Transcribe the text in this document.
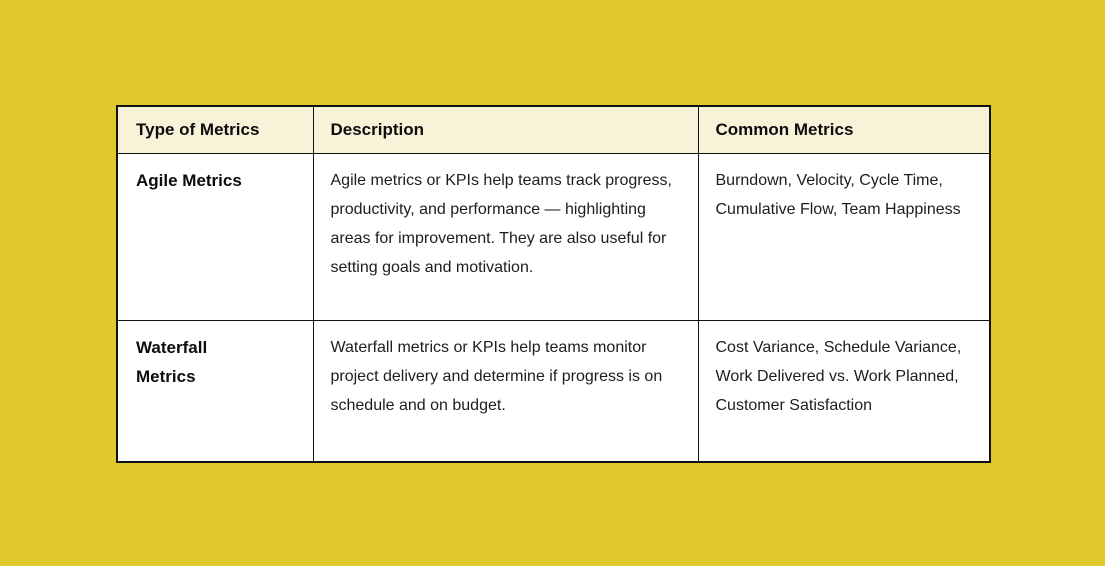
Type of Metrics	Description	Common Metrics
Agile Metrics	Agile metrics or KPIs help teams track progress, productivity, and performance — highlighting areas for improvement. They are also useful for setting goals and motivation.	Burndown, Velocity, Cycle Time, Cumulative Flow, Team Happiness
Waterfall Metrics	Waterfall metrics or KPIs help teams monitor project delivery and determine if progress is on schedule and on budget.	Cost Variance, Schedule Variance, Work Delivered vs. Work Planned, Customer Satisfaction
